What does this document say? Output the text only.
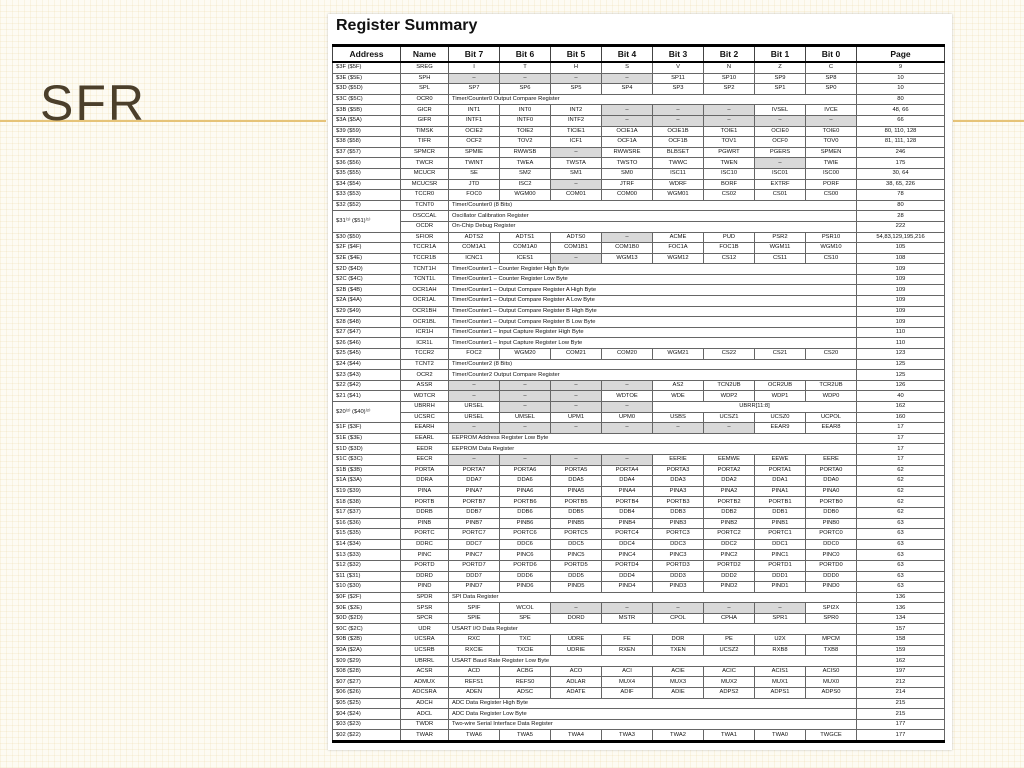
SFR
Register Summary
Address	Name	Bit 7	Bit 6	Bit 5	Bit 4	Bit 3	Bit 2	Bit 1	Bit 0	Page
$3F ($5F)	SREG	I	T	H	S	V	N	Z	C	9
$3E ($5E)	SPH	–	–	–	–	SP11	SP10	SP9	SP8	10
$3D ($5D)	SPL	SP7	SP6	SP5	SP4	SP3	SP2	SP1	SP0	10
$3C ($5C)	OCR0	Timer/Counter0 Output Compare Register								80
$3B ($5B)	GICR	INT1	INT0	INT2	–	–	–	IVSEL	IVCE	48, 66
$3A ($5A)	GIFR	INTF1	INTF0	INTF2	–	–	–	–	–	66
$39 ($59)	TIMSK	OCIE2	TOIE2	TICIE1	OCIE1A	OCIE1B	TOIE1	OCIE0	TOIE0	80, 110, 128
$38 ($58)	TIFR	OCF2	TOV2	ICF1	OCF1A	OCF1B	TOV1	OCF0	TOV0	81, 111, 128
$37 ($57)	SPMCR	SPMIE	RWWSB	–	RWWSRE	BLBSET	PGWRT	PGERS	SPMEN	246
$36 ($56)	TWCR	TWINT	TWEA	TWSTA	TWSTO	TWWC	TWEN	–	TWIE	175
$35 ($55)	MCUCR	SE	SM2	SM1	SM0	ISC11	ISC10	ISC01	ISC00	30, 64
$34 ($54)	MCUCSR	JTD	ISC2	–	JTRF	WDRF	BORF	EXTRF	PORF	38, 65, 226
$33 ($53)	TCCR0	FOC0	WGM00	COM01	COM00	WGM01	CS02	CS01	CS00	78
$32 ($52)	TCNT0	Timer/Counter0 (8 Bits)								80
$31⁽¹⁾ ($51)⁽¹⁾	OSCCAL	Oscillator Calibration Register								28
	OCDR	On-Chip Debug Register								222
$30 ($50)	SFIOR	ADTS2	ADTS1	ADTS0	–	ACME	PUD	PSR2	PSR10	54,83,129,195,216
$2F ($4F)	TCCR1A	COM1A1	COM1A0	COM1B1	COM1B0	FOC1A	FOC1B	WGM11	WGM10	105
$2E ($4E)	TCCR1B	ICNC1	ICES1	–	WGM13	WGM12	CS12	CS11	CS10	108
$2D ($4D)	TCNT1H	Timer/Counter1 – Counter Register High Byte								109
$2C ($4C)	TCNT1L	Timer/Counter1 – Counter Register Low Byte								109
$2B ($4B)	OCR1AH	Timer/Counter1 – Output Compare Register A High Byte								109
$2A ($4A)	OCR1AL	Timer/Counter1 – Output Compare Register A Low Byte								109
$29 ($49)	OCR1BH	Timer/Counter1 – Output Compare Register B High Byte								109
$28 ($48)	OCR1BL	Timer/Counter1 – Output Compare Register B Low Byte								109
$27 ($47)	ICR1H	Timer/Counter1 – Input Capture Register High Byte								110
$26 ($46)	ICR1L	Timer/Counter1 – Input Capture Register Low Byte								110
$25 ($45)	TCCR2	FOC2	WGM20	COM21	COM20	WGM21	CS22	CS21	CS20	123
$24 ($44)	TCNT2	Timer/Counter2 (8 Bits)								125
$23 ($43)	OCR2	Timer/Counter2 Output Compare Register								125
$22 ($42)	ASSR	–	–	–	–	AS2	TCN2UB	OCR2UB	TCR2UB	126
$21 ($41)	WDTCR	–	–	–	WDTOE	WDE	WDP2	WDP1	WDP0	40
$20⁽²⁾ ($40)⁽²⁾	UBRRH	URSEL	–	–	–	UBRR[11:8]				162
	UCSRC	URSEL	UMSEL	UPM1	UPM0	USBS	UCSZ1	UCSZ0	UCPOL	160
$1F ($3F)	EEARH	–	–	–	–	–	–	EEAR9	EEAR8	17
$1E ($3E)	EEARL	EEPROM Address Register Low Byte								17
$1D ($3D)	EEDR	EEPROM Data Register								17
$1C ($3C)	EECR	–	–	–	–	EERIE	EEMWE	EEWE	EERE	17
$1B ($3B)	PORTA	PORTA7	PORTA6	PORTA5	PORTA4	PORTA3	PORTA2	PORTA1	PORTA0	62
$1A ($3A)	DDRA	DDA7	DDA6	DDA5	DDA4	DDA3	DDA2	DDA1	DDA0	62
$19 ($39)	PINA	PINA7	PINA6	PINA5	PINA4	PINA3	PINA2	PINA1	PINA0	62
$18 ($38)	PORTB	PORTB7	PORTB6	PORTB5	PORTB4	PORTB3	PORTB2	PORTB1	PORTB0	62
$17 ($37)	DDRB	DDB7	DDB6	DDB5	DDB4	DDB3	DDB2	DDB1	DDB0	62
$16 ($36)	PINB	PINB7	PINB6	PINB5	PINB4	PINB3	PINB2	PINB1	PINB0	63
$15 ($35)	PORTC	PORTC7	PORTC6	PORTC5	PORTC4	PORTC3	PORTC2	PORTC1	PORTC0	63
$14 ($34)	DDRC	DDC7	DDC6	DDC5	DDC4	DDC3	DDC2	DDC1	DDC0	63
$13 ($33)	PINC	PINC7	PINC6	PINC5	PINC4	PINC3	PINC2	PINC1	PINC0	63
$12 ($32)	PORTD	PORTD7	PORTD6	PORTD5	PORTD4	PORTD3	PORTD2	PORTD1	PORTD0	63
$11 ($31)	DDRD	DDD7	DDD6	DDD5	DDD4	DDD3	DDD2	DDD1	DDD0	63
$10 ($30)	PIND	PIND7	PIND6	PIND5	PIND4	PIND3	PIND2	PIND1	PIND0	63
$0F ($2F)	SPDR	SPI Data Register								136
$0E ($2E)	SPSR	SPIF	WCOL	–	–	–	–	–	SPI2X	136
$0D ($2D)	SPCR	SPIE	SPE	DORD	MSTR	CPOL	CPHA	SPR1	SPR0	134
$0C ($2C)	UDR	USART I/O Data Register								157
$0B ($2B)	UCSRA	RXC	TXC	UDRE	FE	DOR	PE	U2X	MPCM	158
$0A ($2A)	UCSRB	RXCIE	TXCIE	UDRIE	RXEN	TXEN	UCSZ2	RXB8	TXB8	159
$09 ($29)	UBRRL	USART Baud Rate Register Low Byte								162
$08 ($28)	ACSR	ACD	ACBG	ACO	ACI	ACIE	ACIC	ACIS1	ACIS0	197
$07 ($27)	ADMUX	REFS1	REFS0	ADLAR	MUX4	MUX3	MUX2	MUX1	MUX0	212
$06 ($26)	ADCSRA	ADEN	ADSC	ADATE	ADIF	ADIE	ADPS2	ADPS1	ADPS0	214
$05 ($25)	ADCH	ADC Data Register High Byte								215
$04 ($24)	ADCL	ADC Data Register Low Byte								215
$03 ($23)	TWDR	Two-wire Serial Interface Data Register								177
$02 ($22)	TWAR	TWA6	TWA5	TWA4	TWA3	TWA2	TWA1	TWA0	TWGCE	177
